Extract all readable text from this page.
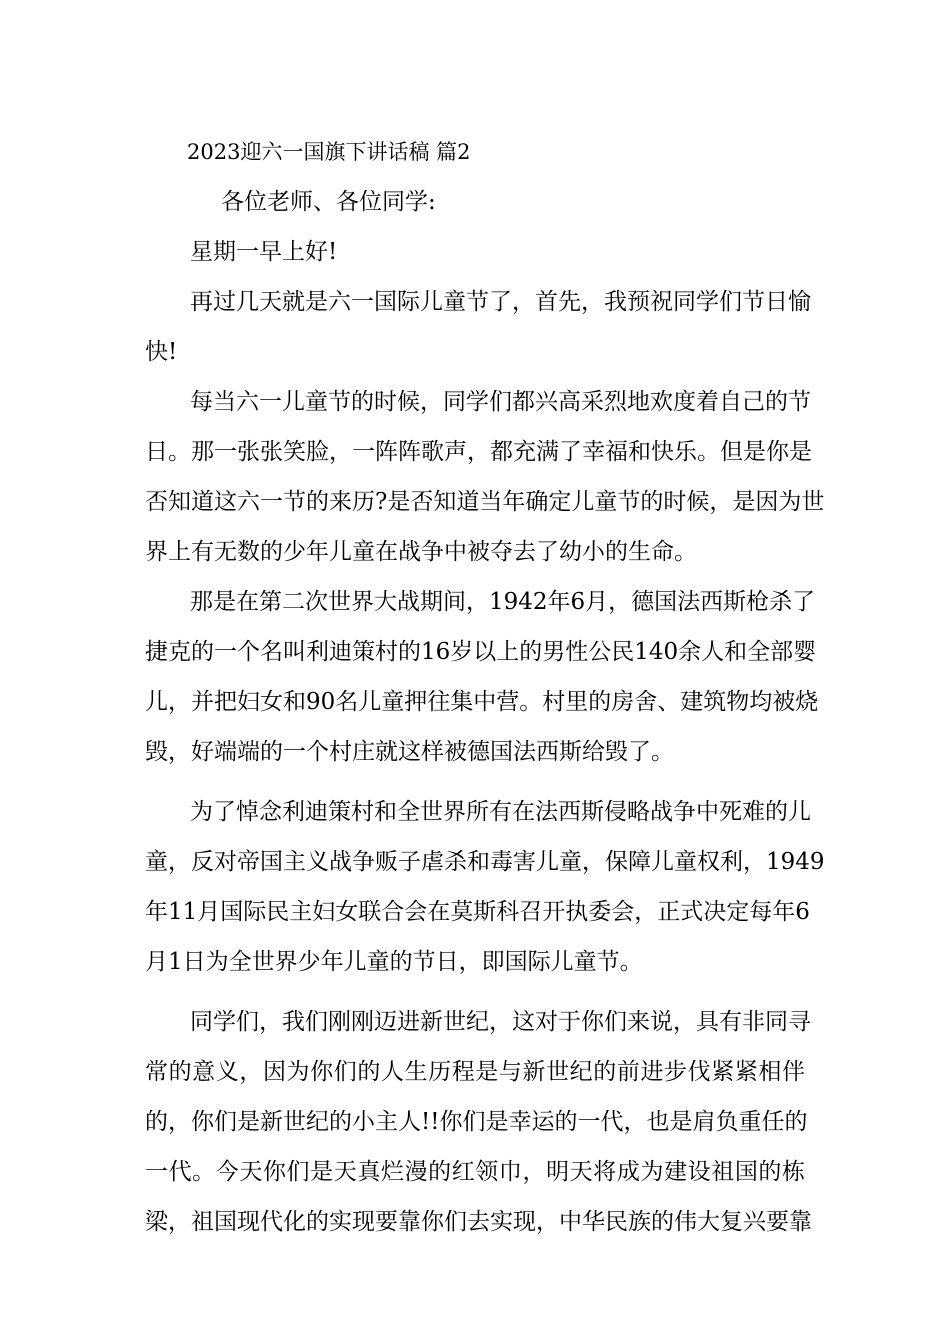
2023迎六一国旗下讲话稿 篇2
各位老师、各位同学:
星期一早上好!
再过几天就是六一国际儿童节了，首先，我预祝同学们节日愉
快!
每当六一儿童节的时候，同学们都兴高采烈地欢度着自己的节
日。那一张张笑脸，一阵阵歌声，都充满了幸福和快乐。但是你是
否知道这六一节的来历?是否知道当年确定儿童节的时候，是因为世
界上有无数的少年儿童在战争中被夺去了幼小的生命。
那是在第二次世界大战期间，1942年6月，德国法西斯枪杀了
捷克的一个名叫利迪策村的16岁以上的男性公民140余人和全部婴
儿，并把妇女和90名儿童押往集中营。村里的房舍、建筑物均被烧
毁，好端端的一个村庄就这样被德国法西斯给毁了。
为了悼念利迪策村和全世界所有在法西斯侵略战争中死难的儿
童，反对帝国主义战争贩子虐杀和毒害儿童，保障儿童权利，1949
年11月国际民主妇女联合会在莫斯科召开执委会，正式决定每年6
月1日为全世界少年儿童的节日，即国际儿童节。
同学们，我们刚刚迈进新世纪，这对于你们来说，具有非同寻
常的意义，因为你们的人生历程是与新世纪的前进步伐紧紧相伴
的，你们是新世纪的小主人!!你们是幸运的一代，也是肩负重任的
一代。今天你们是天真烂漫的红领巾，明天将成为建设祖国的栋
梁，祖国现代化的实现要靠你们去实现，中华民族的伟大复兴要靠
